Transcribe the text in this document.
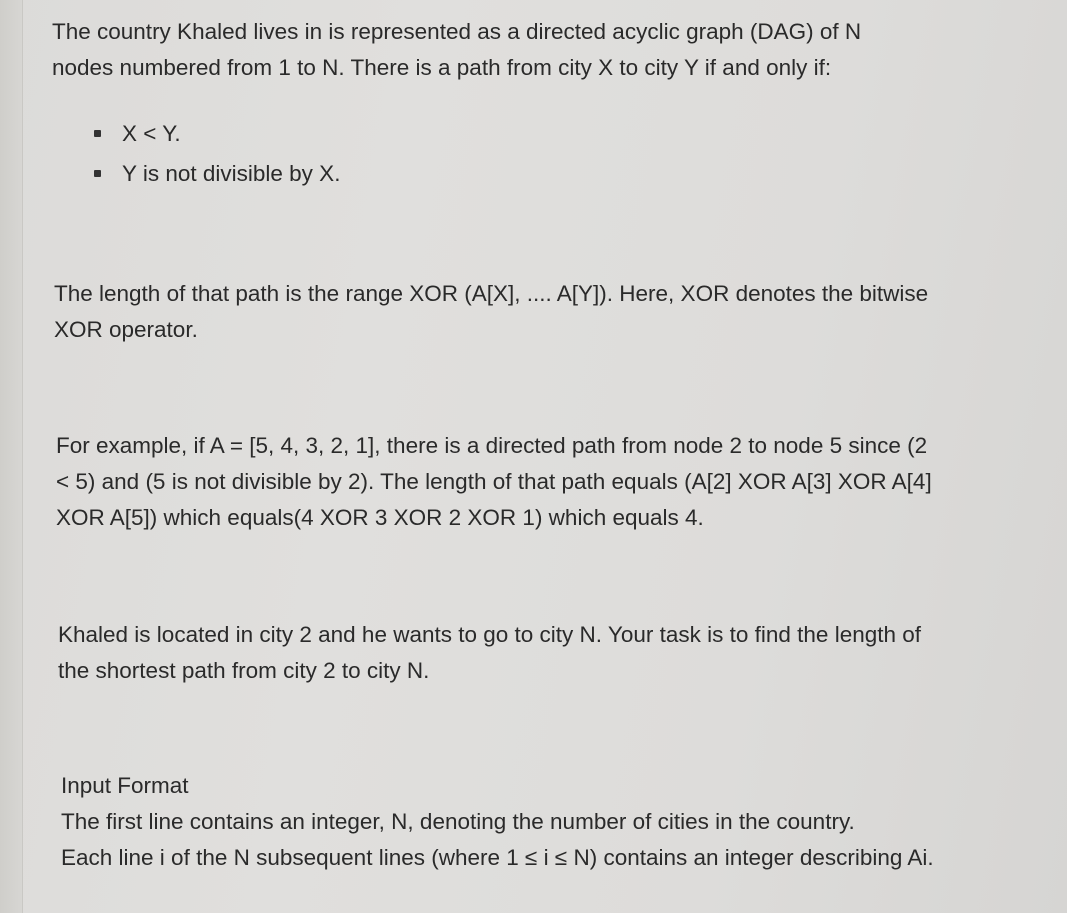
The country Khaled lives in is represented as a directed acyclic graph (DAG) of N
nodes numbered from 1 to N. There is a path from city X to city Y if and only if:

X < Y.
Y is not divisible by X.

The length of that path is the range XOR (A[X], .... A[Y]). Here, XOR denotes the bitwise
XOR operator.

For example, if A = [5, 4, 3, 2, 1], there is a directed path from node 2 to node 5 since (2
< 5) and (5 is not divisible by 2). The length of that path equals (A[2] XOR A[3] XOR A[4]
XOR A[5]) which equals(4 XOR 3 XOR 2 XOR 1) which equals 4.

Khaled is located in city 2 and he wants to go to city N. Your task is to find the length of
the shortest path from city 2 to city N.

Input Format
The first line contains an integer, N, denoting the number of cities in the country.
Each line i of the N subsequent lines (where 1 ≤ i ≤ N) contains an integer describing Ai.
